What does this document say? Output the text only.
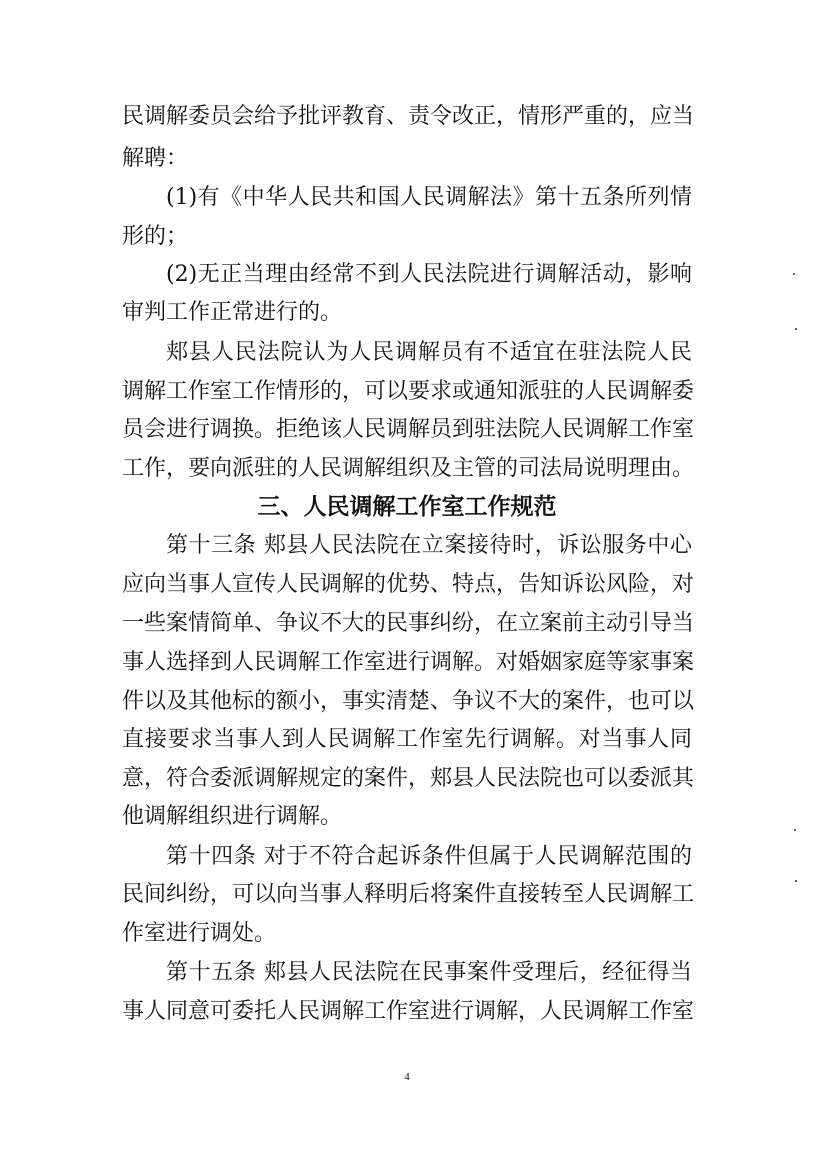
民调解委员会给予批评教育、责令改正，情形严重的，应当
解聘：
(1)有《中华人民共和国人民调解法》第十五条所列情
形的；
(2)无正当理由经常不到人民法院进行调解活动，影响
审判工作正常进行的。
郏县人民法院认为人民调解员有不适宜在驻法院人民
调解工作室工作情形的，可以要求或通知派驻的人民调解委
员会进行调换。拒绝该人民调解员到驻法院人民调解工作室
工作，要向派驻的人民调解组织及主管的司法局说明理由。
三、人民调解工作室工作规范
第十三条 郏县人民法院在立案接待时，诉讼服务中心
应向当事人宣传人民调解的优势、特点，告知诉讼风险，对
一些案情简单、争议不大的民事纠纷，在立案前主动引导当
事人选择到人民调解工作室进行调解。对婚姻家庭等家事案
件以及其他标的额小，事实清楚、争议不大的案件，也可以
直接要求当事人到人民调解工作室先行调解。对当事人同
意，符合委派调解规定的案件，郏县人民法院也可以委派其
他调解组织进行调解。
第十四条 对于不符合起诉条件但属于人民调解范围的
民间纠纷，可以向当事人释明后将案件直接转至人民调解工
作室进行调处。
第十五条 郏县人民法院在民事案件受理后，经征得当
事人同意可委托人民调解工作室进行调解，人民调解工作室
4
